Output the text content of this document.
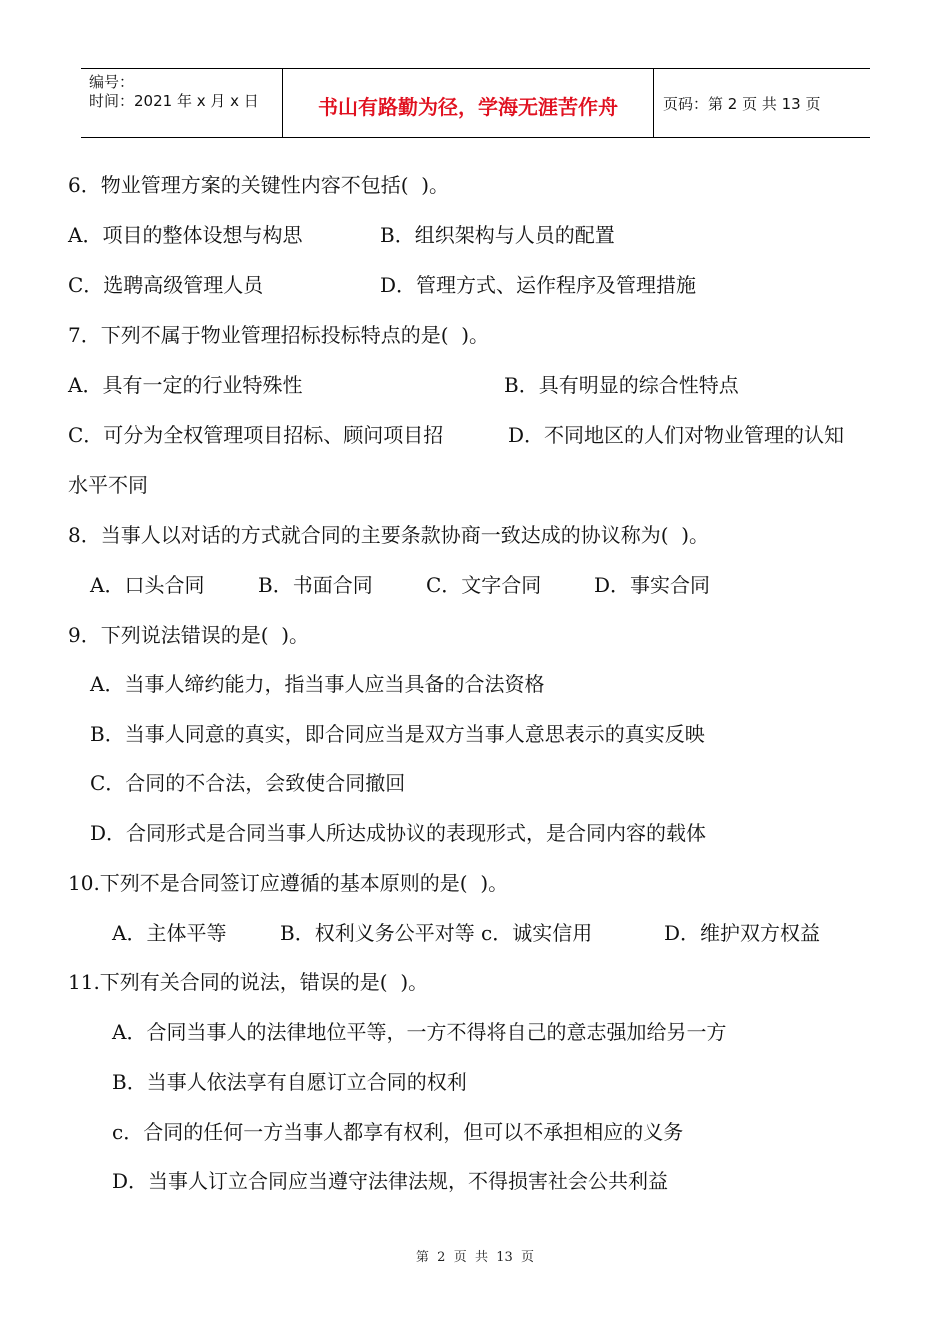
编号：
时间：2021 年 x 月 x 日	书山有路勤为径，学海无涯苦作舟	页码：第 2 页 共 13 页
6．物业管理方案的关键性内容不包括(  )。
A．项目的整体设想与构思	B．组织架构与人员的配置
C．选聘高级管理人员	D．管理方式、运作程序及管理措施
7．下列不属于物业管理招标投标特点的是(  )。
A．具有一定的行业特殊性	B．具有明显的综合性特点
C．可分为全权管理项目招标、顾问项目招	D．不同地区的人们对物业管理的认知
水平不同
8．当事人以对话的方式就合同的主要条款协商一致达成的协议称为(  )。
A．口头合同	B．书面合同	C．文字合同	D．事实合同
9．下列说法错误的是(  )。
A．当事人缔约能力，指当事人应当具备的合法资格
B．当事人同意的真实，即合同应当是双方当事人意思表示的真实反映
C．合同的不合法，会致使合同撤回
D．合同形式是合同当事人所达成协议的表现形式，是合同内容的载体
10.下列不是合同签订应遵循的基本原则的是(  )。
A．主体平等	B．权利义务公平对等 c．诚实信用	D．维护双方权益
11.下列有关合同的说法，错误的是(  )。
A．合同当事人的法律地位平等，一方不得将自己的意志强加给另一方
B．当事人依法享有自愿订立合同的权利
c．合同的任何一方当事人都享有权利，但可以不承担相应的义务
D．当事人订立合同应当遵守法律法规，不得损害社会公共利益
第  2  页  共  13  页
